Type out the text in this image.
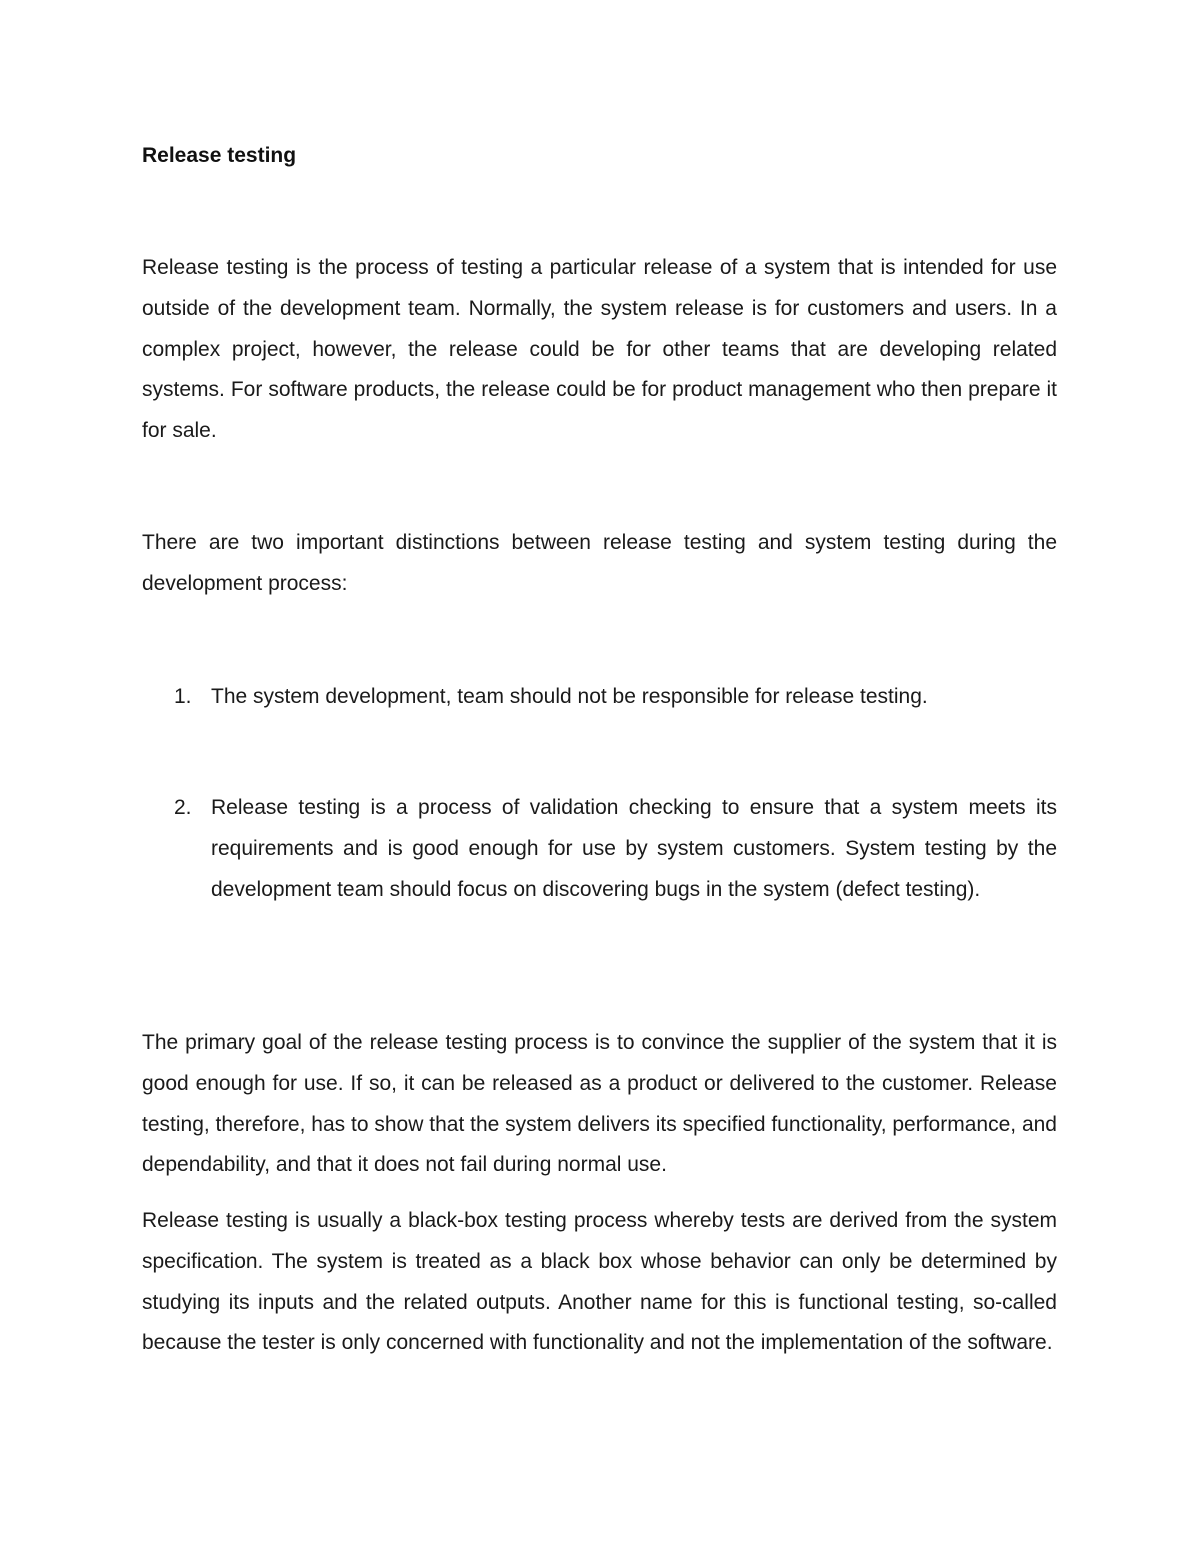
Release testing

Release testing is the process of testing a particular release of a system that is intended for use outside of the development team. Normally, the system release is for customers and users. In a complex project, however, the release could be for other teams that are developing related systems. For software products, the release could be for product management who then prepare it for sale.

There are two important distinctions between release testing and system testing during the development process:

1. The system development, team should not be responsible for release testing.
2. Release testing is a process of validation checking to ensure that a system meets its requirements and is good enough for use by system customers. System testing by the development team should focus on discovering bugs in the system (defect testing).

The primary goal of the release testing process is to convince the supplier of the system that it is good enough for use. If so, it can be released as a product or delivered to the customer. Release testing, therefore, has to show that the system delivers its specified functionality, performance, and dependability, and that it does not fail during normal use.

Release testing is usually a black-box testing process whereby tests are derived from the system specification. The system is treated as a black box whose behavior can only be determined by studying its inputs and the related outputs. Another name for this is functional testing, so-called because the tester is only concerned with functionality and not the implementation of the software.
